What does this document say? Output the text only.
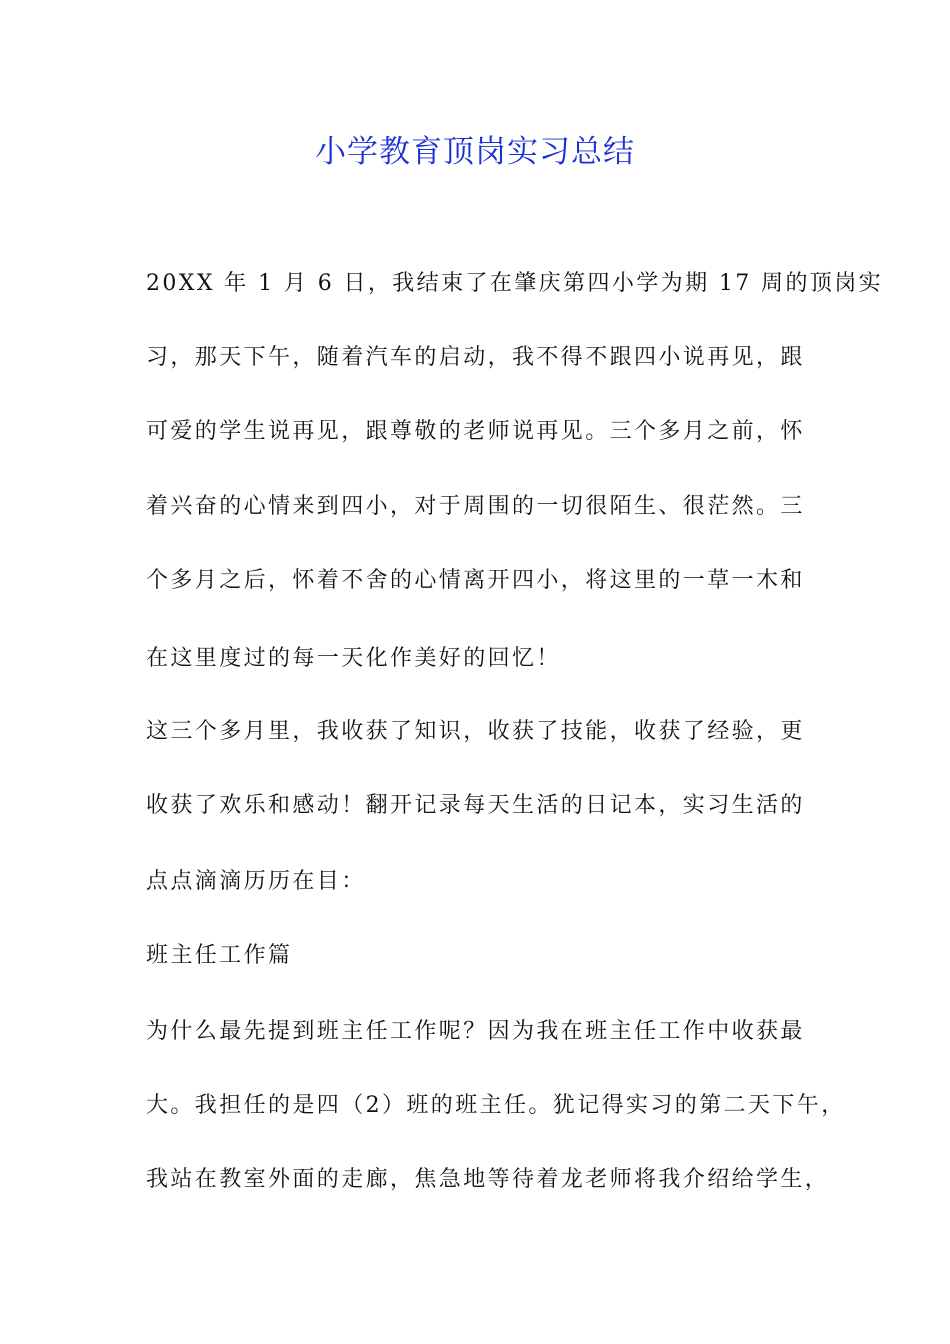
小学教育顶岗实习总结

20XX 年 1 月 6 日，我结束了在肇庆第四小学为期 17 周的顶岗实

习，那天下午，随着汽车的启动，我不得不跟四小说再见，跟

可爱的学生说再见，跟尊敬的老师说再见。三个多月之前，怀

着兴奋的心情来到四小，对于周围的一切很陌生、很茫然。三

个多月之后，怀着不舍的心情离开四小，将这里的一草一木和

在这里度过的每一天化作美好的回忆！

这三个多月里，我收获了知识，收获了技能，收获了经验，更

收获了欢乐和感动！翻开记录每天生活的日记本，实习生活的

点点滴滴历历在目：

班主任工作篇

为什么最先提到班主任工作呢？因为我在班主任工作中收获最

大。我担任的是四（2）班的班主任。犹记得实习的第二天下午，

我站在教室外面的走廊，焦急地等待着龙老师将我介绍给学生，
